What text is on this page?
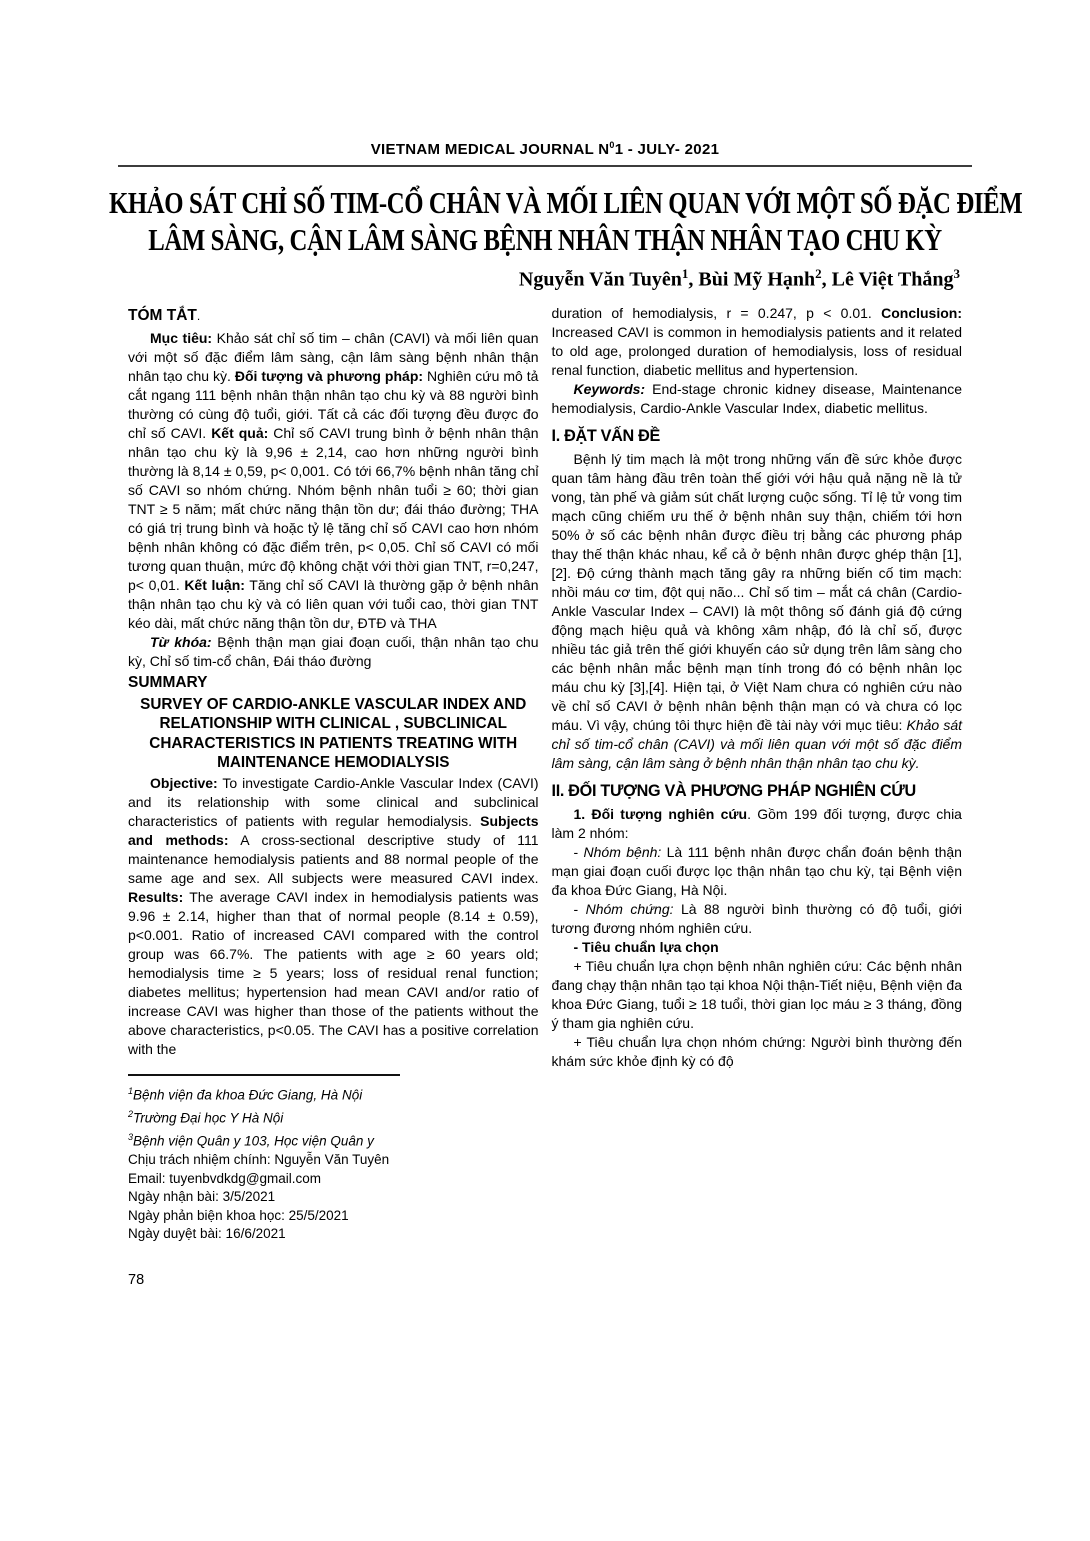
VIETNAM MEDICAL JOURNAL $N^01$ - JULY- 2021
KHẢO SÁT CHỈ SỐ TIM-CỔ CHÂN VÀ MỐI LIÊN QUAN VỚI MỘT SỐ ĐẶC ĐIỂM
LÂM SÀNG, CẬN LÂM SÀNG BỆNH NHÂN THẬN NHÂN TẠO CHU KỲ
Nguyễn Văn Tuyên$^1$, Bùi Mỹ Hạnh$^2$, Lê Việt Thắng$^3$
TÓM TẮT.

Mục tiêu: Khảo sát chỉ số tim – chân (CAVI) và mối liên quan với một số đặc điểm lâm sàng, cận lâm sàng bệnh nhân thận nhân tạo chu kỳ. Đối tượng và phương pháp: Nghiên cứu mô tả cắt ngang 111 bệnh nhân thận nhân tạo chu kỳ và 88 người bình thường có cùng độ tuổi, giới. Tất cả các đối tượng đều được đo chỉ số CAVI. Kết quả: Chỉ số CAVI trung bình ở bệnh nhân thận nhân tạo chu kỳ là 9,96 ± 2,14, cao hơn những người bình thường là 8,14 ± 0,59, p< 0,001. Có tới 66,7% bệnh nhân tăng chỉ số CAVI so nhóm chứng. Nhóm bệnh nhân tuổi ≥ 60; thời gian TNT ≥ 5 năm; mất chức năng thận tồn dư; đái tháo đường; THA có giá trị trung bình và hoặc tỷ lệ tăng chỉ số CAVI cao hơn nhóm bệnh nhân không có đặc điểm trên, p< 0,05. Chỉ số CAVI có mối tương quan thuận, mức độ không chặt với thời gian TNT, r=0,247, p< 0,01. Kết luận: Tăng chỉ số CAVI là thường gặp ở bệnh nhân thận nhân tạo chu kỳ và có liên quan với tuổi cao, thời gian TNT kéo dài, mất chức năng thận tồn dư, ĐTĐ và THA

Từ khóa: Bệnh thận mạn giai đoạn cuối, thận nhân tạo chu kỳ, Chỉ số tim-cổ chân, Đái tháo đường

SUMMARY
SURVEY OF CARDIO-ANKLE VASCULAR INDEX AND RELATIONSHIP WITH CLINICAL , SUBCLINICAL CHARACTERISTICS IN PATIENTS TREATING WITH MAINTENANCE HEMODIALYSIS

Objective: To investigate Cardio-Ankle Vascular Index (CAVI) and its relationship with some clinical and subclinical characteristics of patients with regular hemodialysis. Subjects and methods: A cross-sectional descriptive study of 111 maintenance hemodialysis patients and 88 normal people of the same age and sex. All subjects were measured CAVI index. Results: The average CAVI index in hemodialysis patients was 9.96 ± 2.14, higher than that of normal people (8.14 ± 0.59), p<0.001. Ratio of increased CAVI compared with the control group was 66.7%. The patients with age ≥ 60 years old; hemodialysis time ≥ 5 years; loss of residual renal function; diabetes mellitus; hypertension had mean CAVI and/or ratio of increase CAVI was higher than those of the patients without the above characteristics, p<0.05. The CAVI has a positive correlation with the

$^1$Bệnh viện đa khoa Đức Giang, Hà Nội

$^2$Trường Đại học Y Hà Nội

$^3$Bệnh viện Quân y 103, Học viện Quân y

Chịu trách nhiệm chính: Nguyễn Văn Tuyên

Email: tuyenbvdkdg@gmail.com

Ngày nhận bài: 3/5/2021

Ngày phản biện khoa học: 25/5/2021

Ngày duyệt bài: 16/6/2021

78

duration of hemodialysis, r = 0.247, p < 0.01. Conclusion: Increased CAVI is common in hemodialysis patients and it related to old age, prolonged duration of hemodialysis, loss of residual renal function, diabetic mellitus and hypertension.

Keywords: End-stage chronic kidney disease, Maintenance hemodialysis, Cardio-Ankle Vascular Index, diabetic mellitus.

I. ĐẶT VẤN ĐỀ

Bệnh lý tim mạch là một trong những vấn đề sức khỏe được quan tâm hàng đầu trên toàn thế giới với hậu quả nặng nề là tử vong, tàn phế và giảm sút chất lượng cuộc sống. Tỉ lệ tử vong tim mạch cũng chiếm ưu thế ở bệnh nhân suy thận, chiếm tới hơn 50% ở số các bệnh nhân được điều trị bằng các phương pháp thay thế thận khác nhau, kể cả ở bệnh nhân được ghép thận [1],[2]. Độ cứng thành mạch tăng gây ra những biến cố tim mạch: nhồi máu cơ tim, đột quị não... Chỉ số tim – mắt cá chân (Cardio-Ankle Vascular Index – CAVI) là một thông số đánh giá độ cứng động mạch hiệu quả và không xâm nhập, đó là chỉ số, được nhiều tác giả trên thế giới khuyến cáo sử dụng trên lâm sàng cho các bệnh nhân mắc bệnh mạn tính trong đó có bệnh nhân lọc máu chu kỳ [3],[4]. Hiện tại, ở Việt Nam chưa có nghiên cứu nào về chỉ số CAVI ở bệnh nhân bệnh thận mạn có và chưa có lọc máu. Vì vậy, chúng tôi thực hiện đề tài này với mục tiêu: Khảo sát chỉ số tim-cổ chân (CAVI) và mối liên quan với một số đặc điểm lâm sàng, cận lâm sàng ở bệnh nhân thận nhân tạo chu kỳ.

II. ĐỐI TƯỢNG VÀ PHƯƠNG PHÁP NGHIÊN CỨU

1. Đối tượng nghiên cứu. Gồm 199 đối tượng, được chia làm 2 nhóm:

- Nhóm bệnh: Là 111 bệnh nhân được chẩn đoán bệnh thận mạn giai đoạn cuối được lọc thận nhân tạo chu kỳ, tại Bệnh viện đa khoa Đức Giang, Hà Nội.

- Nhóm chứng: Là 88 người bình thường có độ tuổi, giới tương đương nhóm nghiên cứu.

- Tiêu chuẩn lựa chọn

+ Tiêu chuẩn lựa chọn bệnh nhân nghiên cứu: Các bệnh nhân đang chạy thận nhân tạo tại khoa Nội thận-Tiết niệu, Bệnh viện đa khoa Đức Giang, tuổi ≥ 18 tuổi, thời gian lọc máu ≥ 3 tháng, đồng ý tham gia nghiên cứu.

+ Tiêu chuẩn lựa chọn nhóm chứng: Người bình thường đến khám sức khỏe định kỳ có độ
